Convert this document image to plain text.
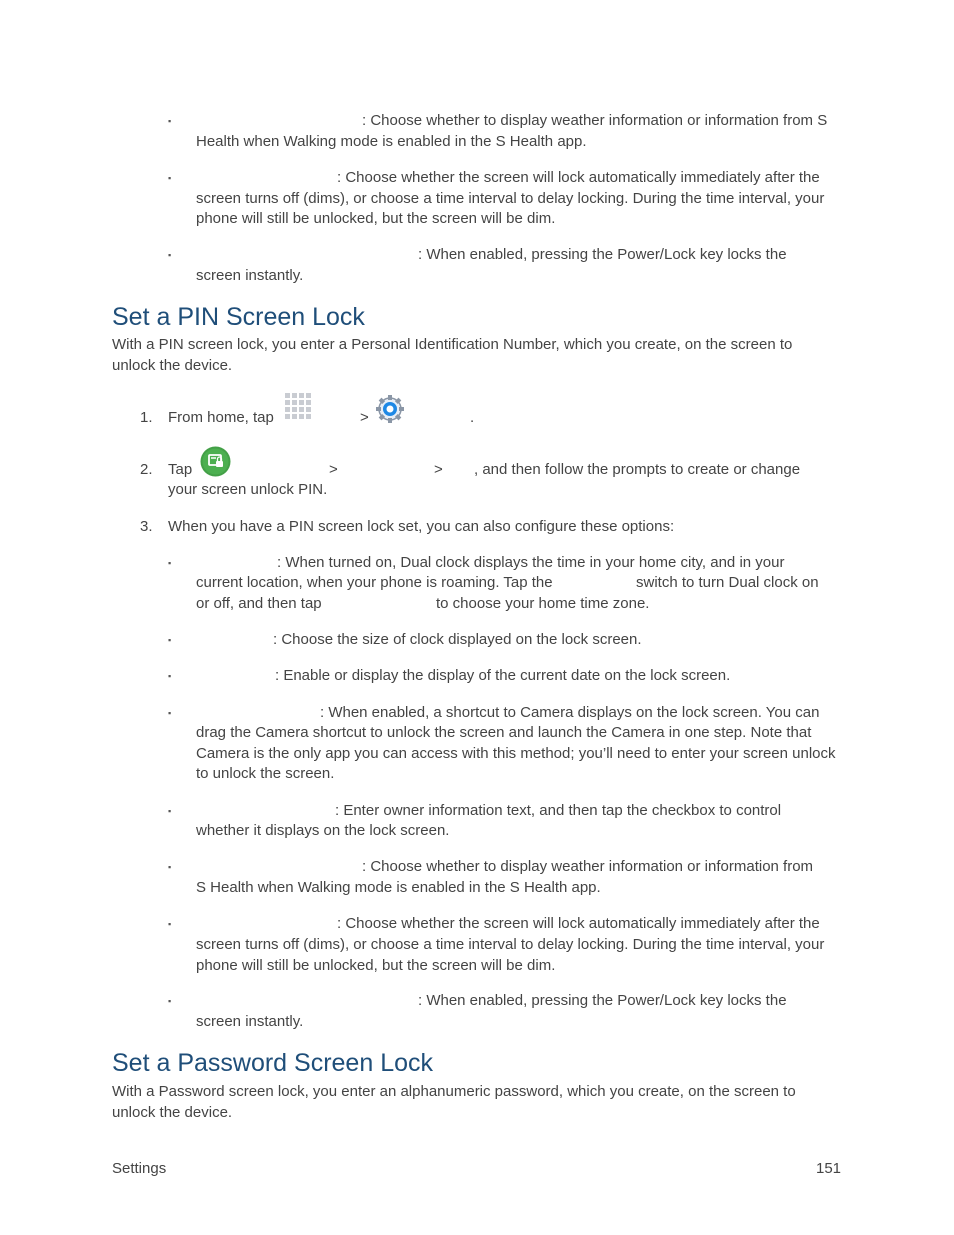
▪	: Choose whether to display weather information or information from S Health when Walking mode is enabled in the S Health app.
▪	: Choose whether the screen will lock automatically immediately after the screen turns off (dims), or choose a time interval to delay locking. During the time interval, your phone will still be unlocked, but the screen will be dim.
▪	: When enabled, pressing the Power/Lock key locks the screen instantly.
Set a PIN Screen Lock
With a PIN screen lock, you enter a Personal Identification Number, which you create, on the screen to unlock the device.
1. From home, tap	>	.
2. Tap	>	> , and then follow the prompts to create or change
your screen unlock PIN.
3. When you have a PIN screen lock set, you can also configure these options:
▪	: When turned on, Dual clock displays the time in your home city, and in your
current location, when your phone is roaming. Tap the	switch to turn Dual clock on
or off, and then tap	to choose your home time zone.
▪	: Choose the size of clock displayed on the lock screen.
▪	: Enable or display the display of the current date on the lock screen.
▪	: When enabled, a shortcut to Camera displays on the lock screen. You can
drag the Camera shortcut to unlock the screen and launch the Camera in one step. Note that Camera is the only app you can access with this method; you’ll need to enter your screen unlock to unlock the screen.
▪	: Enter owner information text, and then tap the checkbox to control
whether it displays on the lock screen.
▪	: Choose whether to display weather information or information from
S Health when Walking mode is enabled in the S Health app.
▪	: Choose whether the screen will lock automatically immediately after the
screen turns off (dims), or choose a time interval to delay locking. During the time interval, your phone will still be unlocked, but the screen will be dim.
▪	: When enabled, pressing the Power/Lock key locks the
screen instantly.
Set a Password Screen Lock
With a Password screen lock, you enter an alphanumeric password, which you create, on the screen to unlock the device.
Settings	151
